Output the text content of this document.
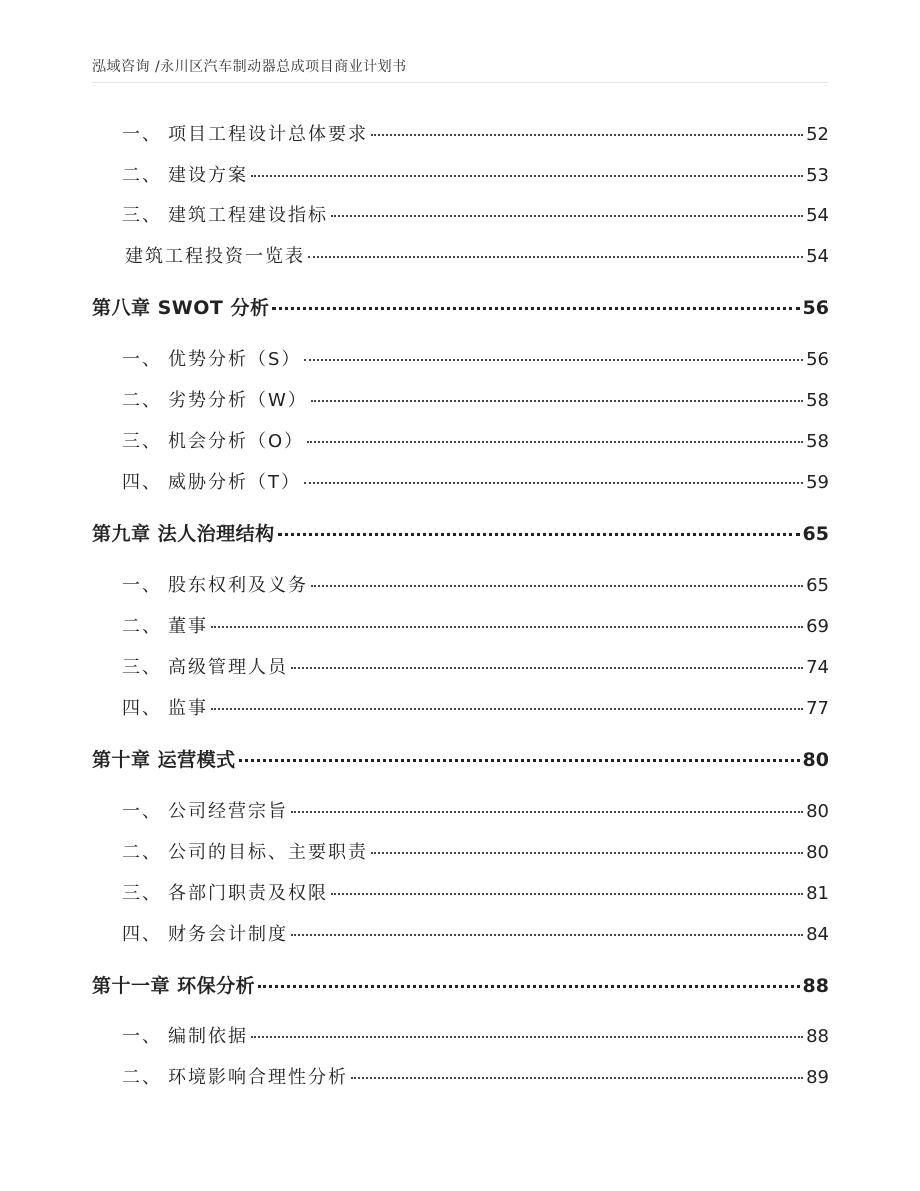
泓域咨询 /永川区汽车制动器总成项目商业计划书
一、 项目工程设计总体要求	52
二、 建设方案	53
三、 建筑工程建设指标	54
建筑工程投资一览表	54
第八章 SWOT 分析	56
一、 优势分析（S）	56
二、 劣势分析（W）	58
三、 机会分析（O）	58
四、 威胁分析（T）	59
第九章 法人治理结构	65
一、 股东权利及义务	65
二、 董事	69
三、 高级管理人员	74
四、 监事	77
第十章 运营模式	80
一、 公司经营宗旨	80
二、 公司的目标、主要职责	80
三、 各部门职责及权限	81
四、 财务会计制度	84
第十一章 环保分析	88
一、 编制依据	88
二、 环境影响合理性分析	89
